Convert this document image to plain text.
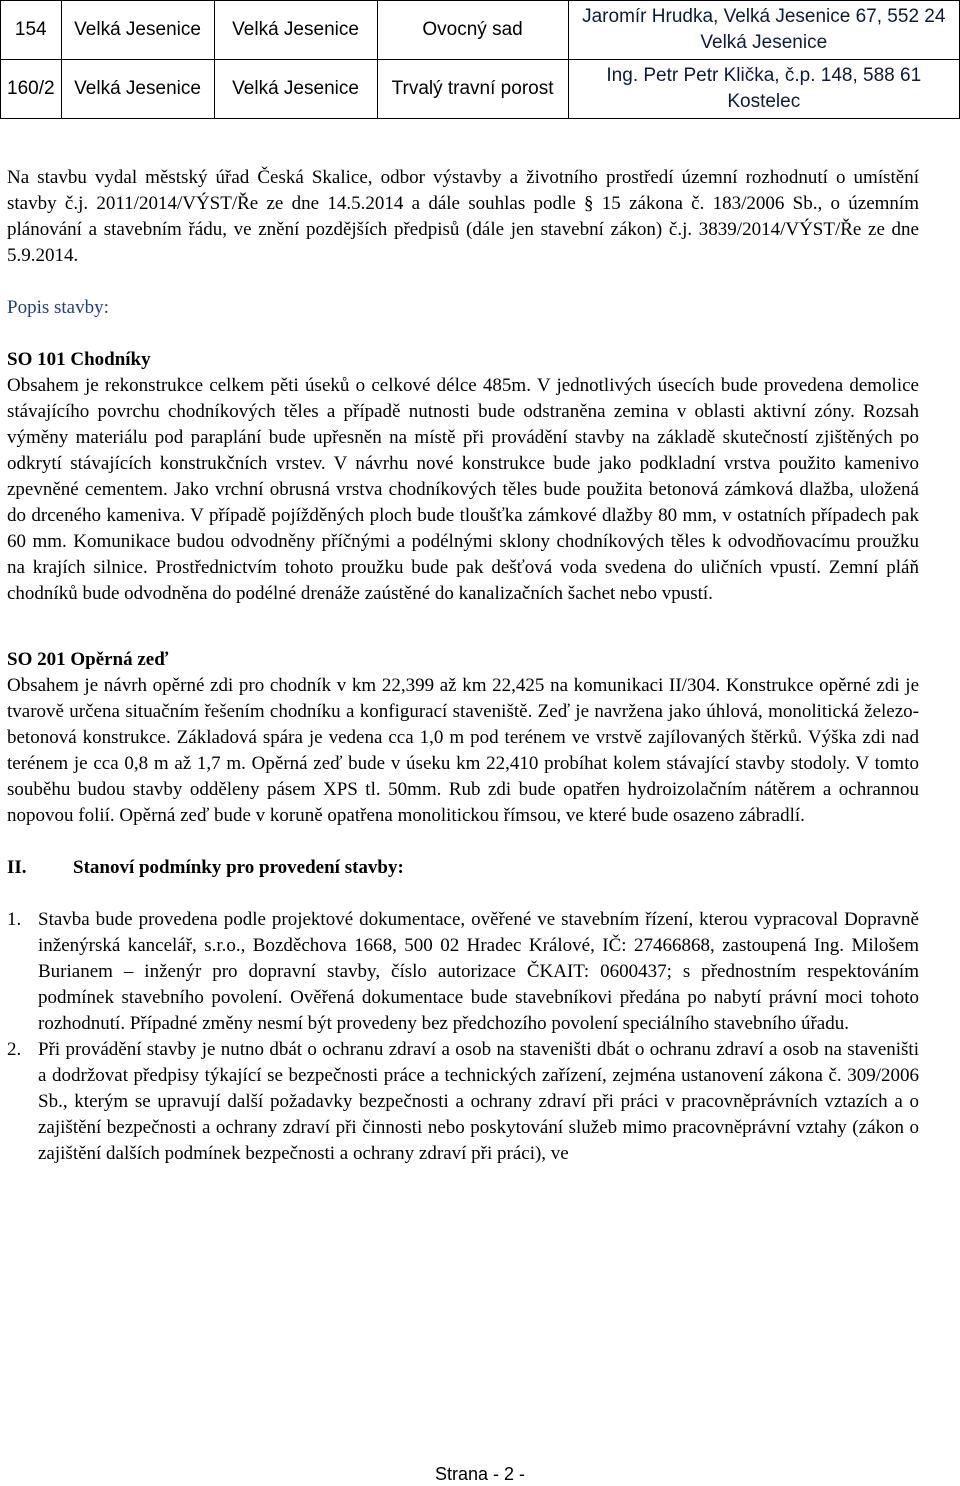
154	Velká Jesenice	Velká Jesenice	Ovocný sad	Jaromír Hrudka, Velká Jesenice 67, 552 24 Velká Jesenice
160/2	Velká Jesenice	Velká Jesenice	Trvalý travní porost	Ing. Petr Petr Klička, č.p. 148, 588 61 Kostelec

Na stavbu vydal městský úřad Česká Skalice, odbor výstavby a životního prostředí územní rozhodnutí o umístění stavby č.j. 2011/2014/VÝST/Ře ze dne 14.5.2014 a dále souhlas podle § 15 zákona č. 183/2006 Sb., o územním plánování a stavebním řádu, ve znění pozdějších předpisů (dále jen stavební zákon) č.j. 3839/2014/VÝST/Ře ze dne 5.9.2014.

Popis stavby:

SO 101 Chodníky

Obsahem je rekonstrukce celkem pěti úseků o celkové délce 485m. V jednotlivých úsecích bude provedena demolice stávajícího povrchu chodníkových těles a případě nutnosti bude odstraněna zemina v oblasti aktivní zóny. Rozsah výměny materiálu pod paraplání bude upřesněn na místě při provádění stavby na základě skutečností zjištěných po odkrytí stávajících konstrukčních vrstev. V návrhu nové konstrukce bude jako podkladní vrstva použito kamenivo zpevněné cementem. Jako vrchní obrusná vrstva chodníkových těles bude použita betonová zámková dlažba, uložená do drceného kameniva. V případě pojížděných ploch bude tloušťka zámkové dlažby 80 mm, v ostatních případech pak 60 mm. Komunikace budou odvodněny příčnými a podélnými sklony chodníkových těles k odvodňovacímu proužku na krajích silnice. Prostřednictvím tohoto proužku bude pak dešťová voda svedena do uličních vpustí. Zemní pláň chodníků bude odvodněna do podélné drenáže zaústěné do kanalizačních šachet nebo vpustí.

SO 201 Opěrná zeď

Obsahem je návrh opěrné zdi pro chodník v km 22,399 až km 22,425 na komunikaci II/304. Konstrukce opěrné zdi je tvarově určena situačním řešením chodníku a konfigurací staveniště. Zeď je navržena jako úhlová, monolitická železo-betonová konstrukce. Základová spára je vedena cca 1,0 m pod terénem ve vrstvě zajílovaných štěrků. Výška zdi nad terénem je cca 0,8 m až 1,7 m. Opěrná zeď bude v úseku km 22,410 probíhat kolem stávající stavby stodoly. V tomto souběhu budou stavby odděleny pásem XPS tl. 50mm. Rub zdi bude opatřen hydroizolačním nátěrem a ochrannou nopovou folií. Opěrná zeď bude v koruně opatřena monolitickou římsou, ve které bude osazeno zábradlí.

II.	Stanoví podmínky pro provedení stavby:
1. Stavba bude provedena podle projektové dokumentace, ověřené ve stavebním řízení, kterou vypracoval Dopravně inženýrská kancelář, s.r.o., Bozděchova 1668, 500 02 Hradec Králové, IČ: 27466868, zastoupená Ing. Milošem Burianem – inženýr pro dopravní stavby, číslo autorizace ČKAIT: 0600437; s přednostním respektováním podmínek stavebního povolení. Ověřená dokumentace bude stavebníkovi předána po nabytí právní moci tohoto rozhodnutí. Případné změny nesmí být provedeny bez předchozího povolení speciálního stavebního úřadu.
2. Při provádění stavby je nutno dbát o ochranu zdraví a osob na staveništi dbát o ochranu zdraví a osob na staveništi a dodržovat předpisy týkající se bezpečnosti práce a technických zařízení, zejména ustanovení zákona č. 309/2006 Sb., kterým se upravují další požadavky bezpečnosti a ochrany zdraví při práci v pracovněprávních vztazích a o zajištění bezpečnosti a ochrany zdraví při činnosti nebo poskytování služeb mimo pracovněprávní vztahy (zákon o zajištění dalších podmínek bezpečnosti a ochrany zdraví při práci), ve
Strana - 2 -
